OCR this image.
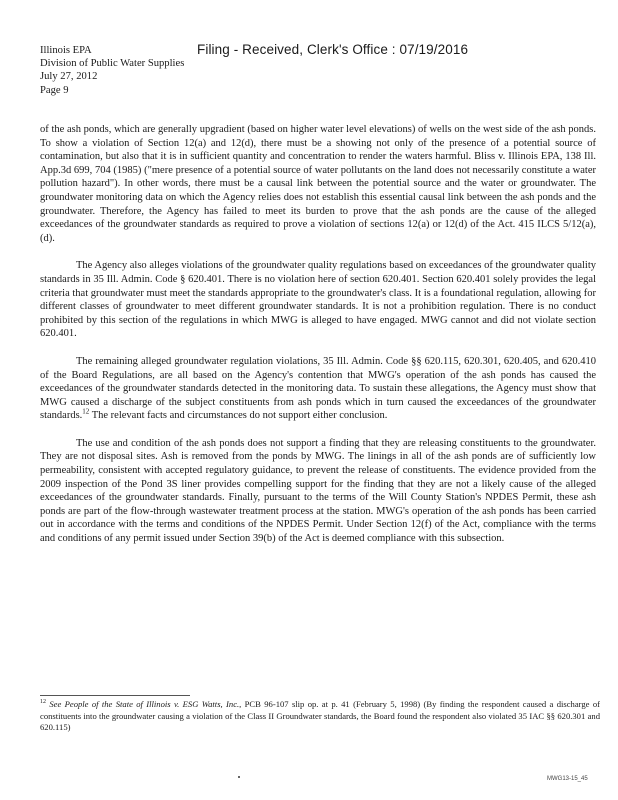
Illinois EPA
Division of Public Water Supplies
July 27, 2012
Page 9
Filing - Received, Clerk's Office : 07/19/2016

of the ash ponds, which are generally upgradient (based on higher water level elevations) of wells on the west side of the ash ponds. To show a violation of Section 12(a) and 12(d), there must be a showing not only of the presence of a potential source of contamination, but also that it is in sufficient quantity and concentration to render the waters harmful. Bliss v. Illinois EPA, 138 Ill. App.3d 699, 704 (1985) ("mere presence of a potential source of water pollutants on the land does not necessarily constitute a water pollution hazard"). In other words, there must be a causal link between the potential source and the water or groundwater. The groundwater monitoring data on which the Agency relies does not establish this essential causal link between the ash ponds and the groundwater. Therefore, the Agency has failed to meet its burden to prove that the ash ponds are the cause of the alleged exceedances of the groundwater standards as required to prove a violation of sections 12(a) or 12(d) of the Act. 415 ILCS 5/12(a), (d).

The Agency also alleges violations of the groundwater quality regulations based on exceedances of the groundwater quality standards in 35 Ill. Admin. Code § 620.401. There is no violation here of section 620.401. Section 620.401 solely provides the legal criteria that groundwater must meet the standards appropriate to the groundwater's class. It is a foundational regulation, allowing for different classes of groundwater to meet different groundwater standards. It is not a prohibition regulation. There is no conduct prohibited by this section of the regulations in which MWG is alleged to have engaged. MWG cannot and did not violate section 620.401.

The remaining alleged groundwater regulation violations, 35 Ill. Admin. Code §§ 620.115, 620.301, 620.405, and 620.410 of the Board Regulations, are all based on the Agency's contention that MWG's operation of the ash ponds has caused the exceedances of the groundwater standards detected in the monitoring data. To sustain these allegations, the Agency must show that MWG caused a discharge of the subject constituents from ash ponds which in turn caused the exceedances of the groundwater standards.$^{12}$ The relevant facts and circumstances do not support either conclusion.

The use and condition of the ash ponds does not support a finding that they are releasing constituents to the groundwater. They are not disposal sites. Ash is removed from the ponds by MWG. The linings in all of the ash ponds are of sufficiently low permeability, consistent with accepted regulatory guidance, to prevent the release of constituents. The evidence provided from the 2009 inspection of the Pond 3S liner provides compelling support for the finding that they are not a likely cause of the alleged exceedances of the groundwater standards. Finally, pursuant to the terms of the Will County Station's NPDES Permit, these ash ponds are part of the flow-through wastewater treatment process at the station. MWG's operation of the ash ponds has been carried out in accordance with the terms and conditions of the NPDES Permit. Under Section 12(f) of the Act, compliance with the terms and conditions of any permit issued under Section 39(b) of the Act is deemed compliance with this subsection.

$^{12}$ See People of the State of Illinois v. ESG Watts, Inc., PCB 96-107 slip op. at p. 41 (February 5, 1998) (By finding the respondent caused a discharge of constituents into the groundwater causing a violation of the Class II Groundwater standards, the Board found the respondent also violated 35 IAC §§ 620.301 and 620.115)
MWG13-15_45
